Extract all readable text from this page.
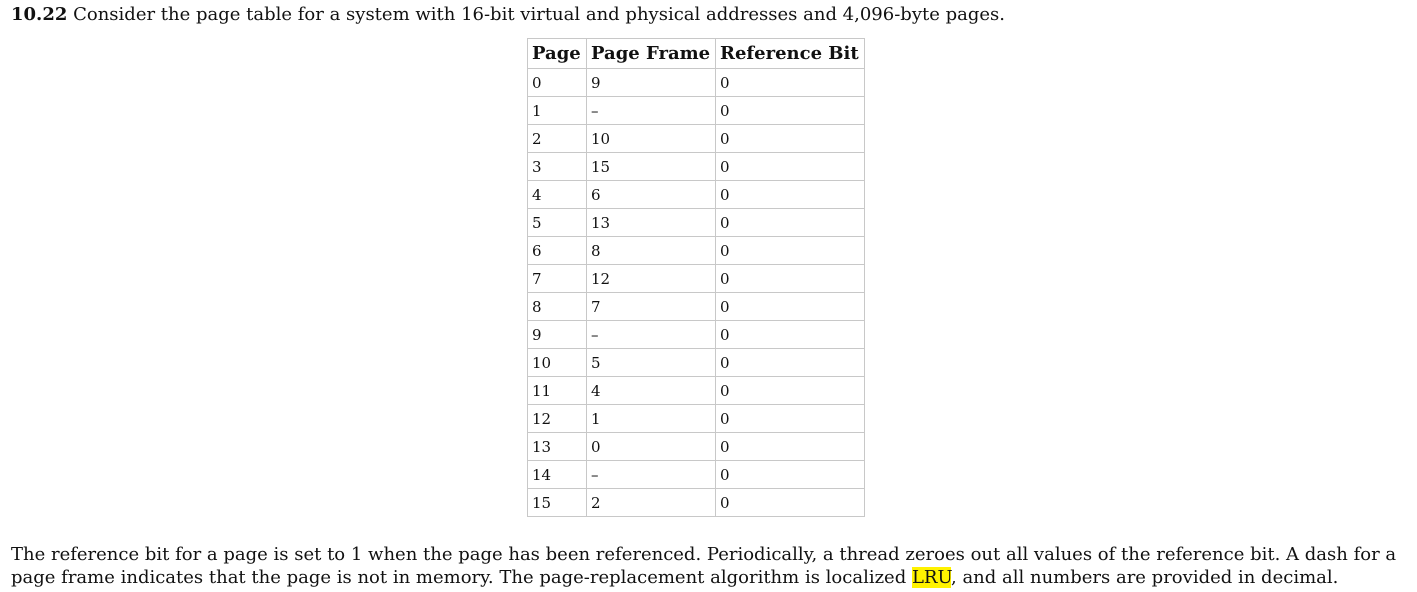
10.22 Consider the page table for a system with 16-bit virtual and physical addresses and 4,096-byte pages.
Page	Page Frame	Reference Bit
0	9	0
1	–	0
2	10	0
3	15	0
4	6	0
5	13	0
6	8	0
7	12	0
8	7	0
9	–	0
10	5	0
11	4	0
12	1	0
13	0	0
14	–	0
15	2	0
The reference bit for a page is set to 1 when the page has been referenced. Periodically, a thread zeroes out all values of the reference bit. A dash for a page frame indicates that the page is not in memory. The page-replacement algorithm is localized LRU, and all numbers are provided in decimal.
